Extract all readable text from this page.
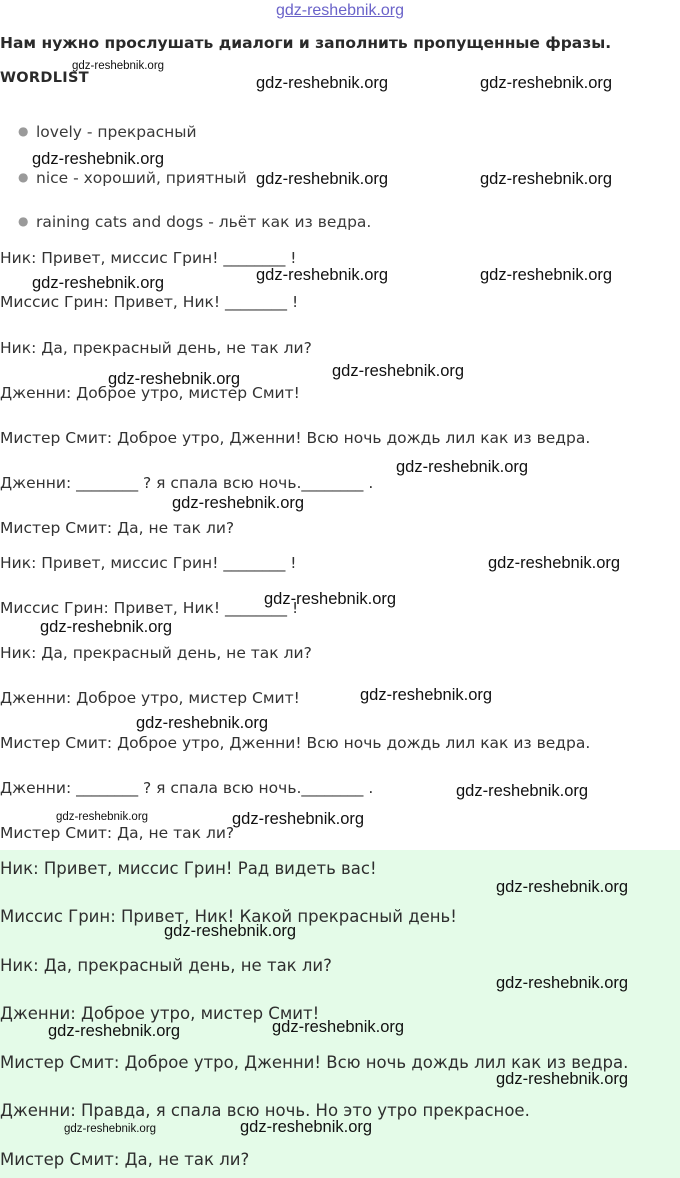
gdz-reshebnik.org
Нам нужно прослушать диалоги и заполнить пропущенные фразы.
WORDLIST
● lovely - прекрасный
● nice - хороший, приятный
● raining cats and dogs - льёт как из ведра.
Ник: Привет, миссис Грин! ________ !
Миссис Грин: Привет, Ник! ________ !
Ник: Да, прекрасный день, не так ли?
Дженни: Доброе утро, мистер Смит!
Мистер Смит: Доброе утро, Дженни! Всю ночь дождь лил как из ведра.
Дженни: ________ ? я спала всю ночь.________ .
Мистер Смит: Да, не так ли?
Ник: Привет, миссис Грин! ________ !
Миссис Грин: Привет, Ник! ________ !
Ник: Да, прекрасный день, не так ли?
Дженни: Доброе утро, мистер Смит!
Мистер Смит: Доброе утро, Дженни! Всю ночь дождь лил как из ведра.
Дженни: ________ ? я спала всю ночь.________ .
Мистер Смит: Да, не так ли?
Ник: Привет, миссис Грин! Рад видеть вас!
Миссис Грин: Привет, Ник! Какой прекрасный день!
Ник: Да, прекрасный день, не так ли?
Дженни: Доброе утро, мистер Смит!
Мистер Смит: Доброе утро, Дженни! Всю ночь дождь лил как из ведра.
Дженни: Правда, я спала всю ночь. Но это утро прекрасное.
Мистер Смит: Да, не так ли?
gdz-reshebnik.org
gdz-reshebnik.org	gdz-reshebnik.org
gdz-reshebnik.org
gdz-reshebnik.org	gdz-reshebnik.org
gdz-reshebnik.org	gdz-reshebnik.org
gdz-reshebnik.org
gdz-reshebnik.org
gdz-reshebnik.org
gdz-reshebnik.org
gdz-reshebnik.org
gdz-reshebnik.org
gdz-reshebnik.org
gdz-reshebnik.org
gdz-reshebnik.org
gdz-reshebnik.org
gdz-reshebnik.org
gdz-reshebnik.org	gdz-reshebnik.org
gdz-reshebnik.org
gdz-reshebnik.org
gdz-reshebnik.org
gdz-reshebnik.org
gdz-reshebnik.org
gdz-reshebnik.org
gdz-reshebnik.org	gdz-reshebnik.org
